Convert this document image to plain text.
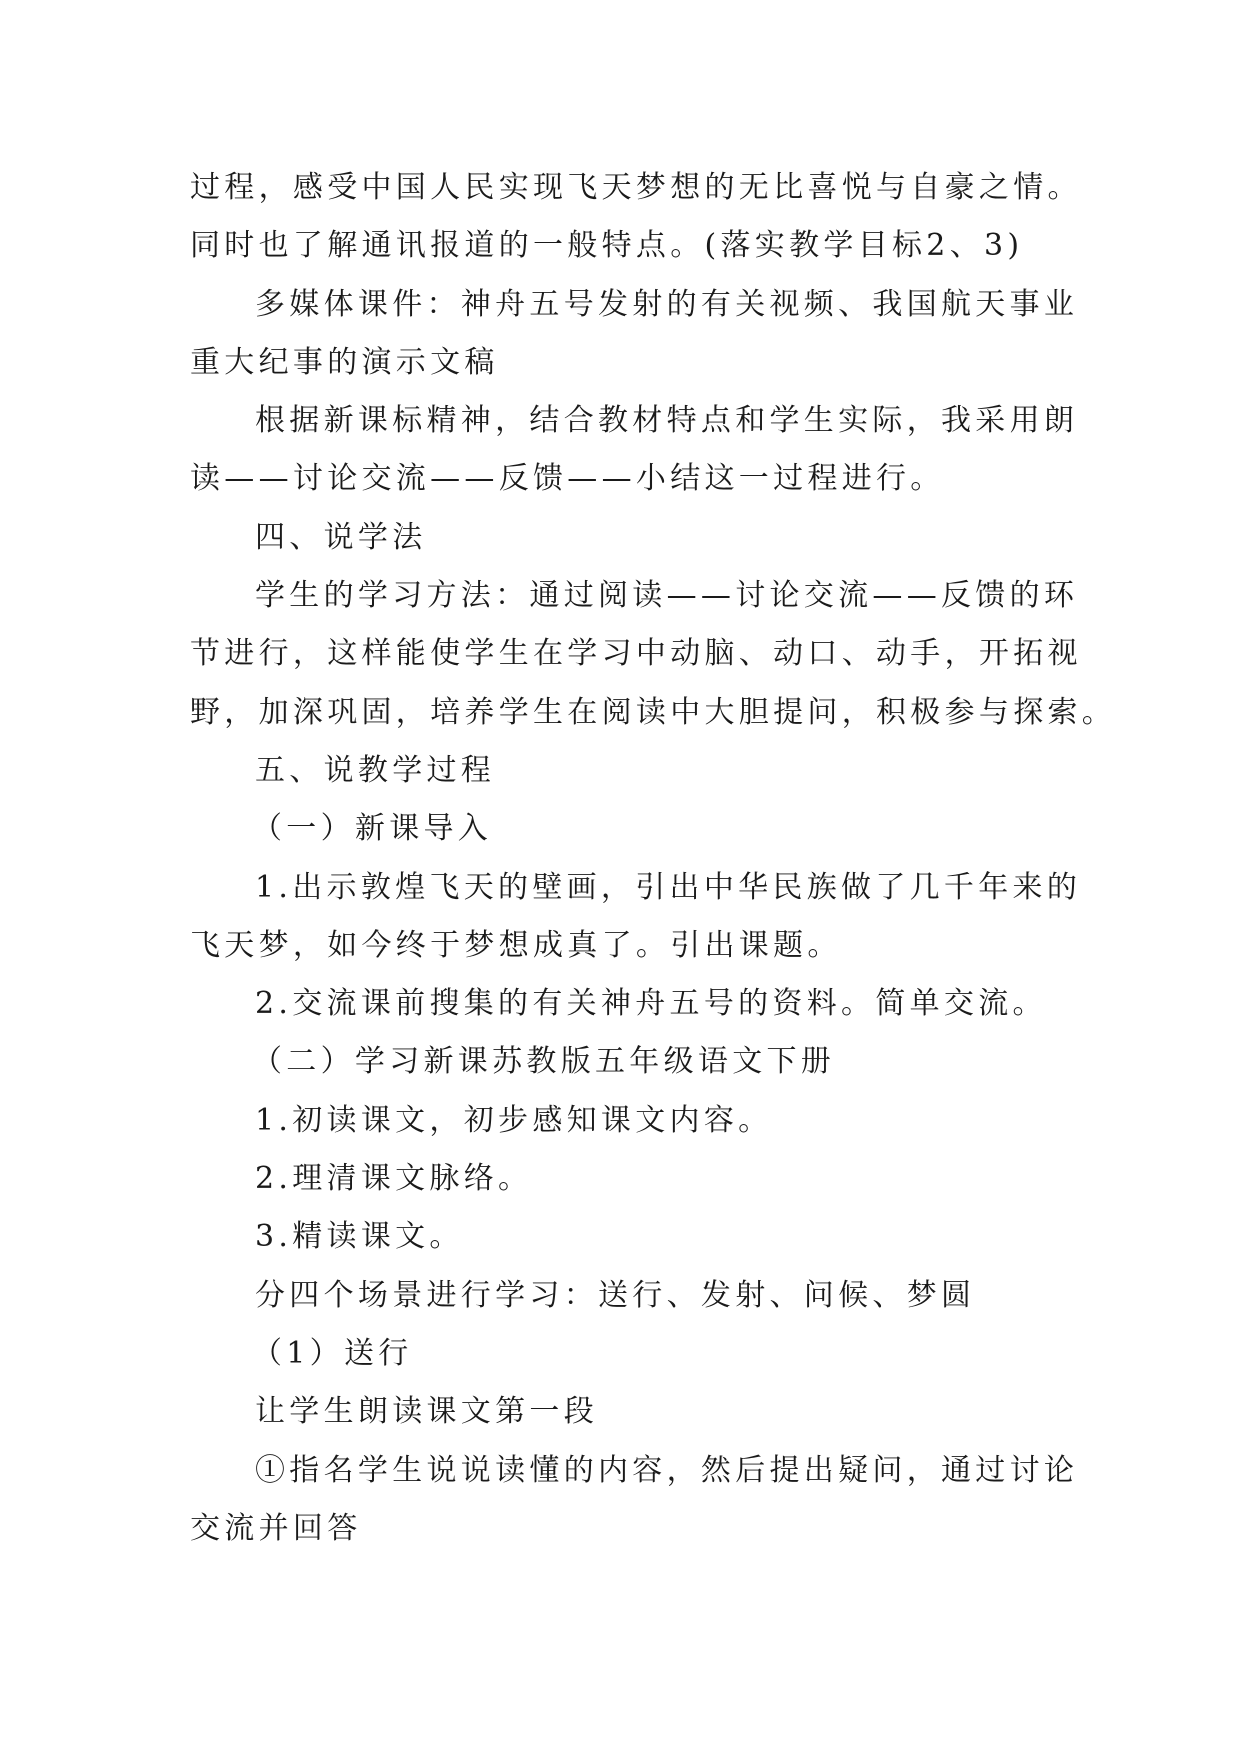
过程，感受中国人民实现飞天梦想的无比喜悦与自豪之情。
同时也了解通讯报道的一般特点。(落实教学目标2、3)
多媒体课件：神舟五号发射的有关视频、我国航天事业
重大纪事的演示文稿
根据新课标精神，结合教材特点和学生实际，我采用朗
读——讨论交流——反馈——小结这一过程进行。
四、说学法
学生的学习方法：通过阅读——讨论交流——反馈的环
节进行，这样能使学生在学习中动脑、动口、动手，开拓视
野，加深巩固，培养学生在阅读中大胆提问，积极参与探索。
五、说教学过程
（一）新课导入
1.出示敦煌飞天的壁画，引出中华民族做了几千年来的
飞天梦，如今终于梦想成真了。引出课题。
2.交流课前搜集的有关神舟五号的资料。简单交流。
（二）学习新课苏教版五年级语文下册
1.初读课文，初步感知课文内容。
2.理清课文脉络。
3.精读课文。
分四个场景进行学习：送行、发射、问候、梦圆
（1）送行
让学生朗读课文第一段
①指名学生说说读懂的内容，然后提出疑问，通过讨论
交流并回答
